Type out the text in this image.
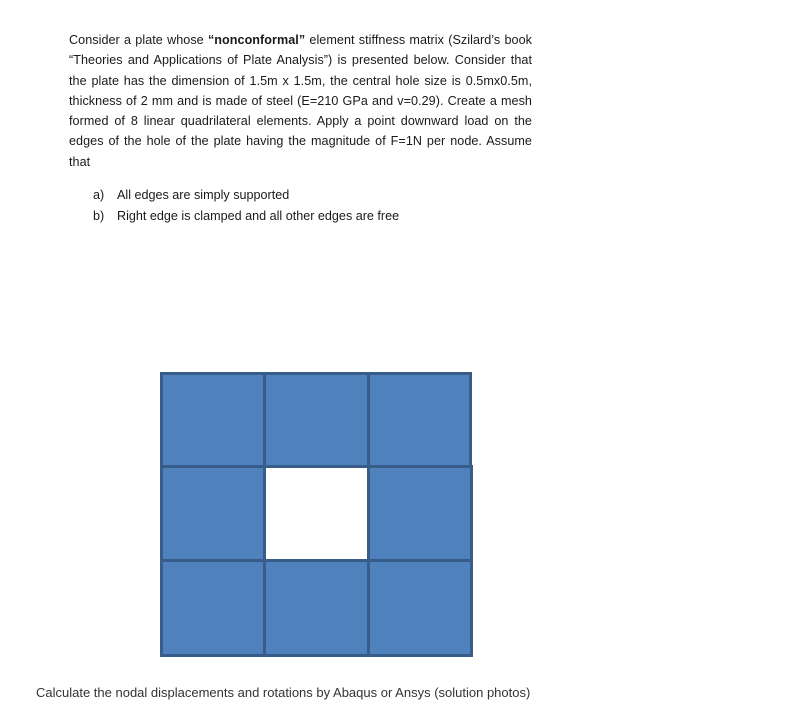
Consider a plate whose “nonconformal” element stiffness matrix (Szilard’s book “Theories and Applications of Plate Analysis”) is presented below. Consider that the plate has the dimension of 1.5m x 1.5m, the central hole size is 0.5mx0.5m, thickness of 2 mm and is made of steel (E=210 GPa and v=0.29). Create a mesh formed of 8 linear quadrilateral elements. Apply a point downward load on the edges of the hole of the plate having the magnitude of F=1N per node. Assume that

a)	All edges are simply supported
b)	Right edge is clamped and all other edges are free
Calculate the nodal displacements and rotations by Abaqus or Ansys (solution photos)
